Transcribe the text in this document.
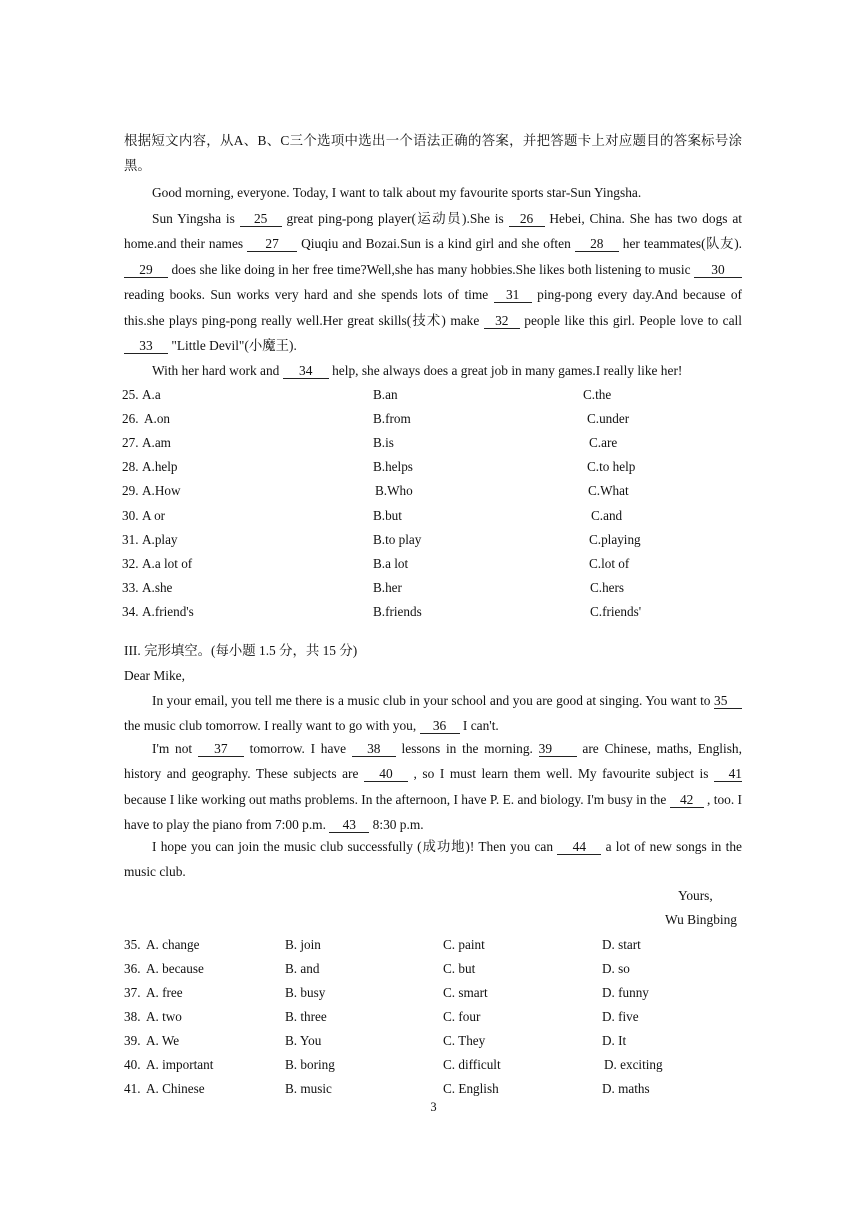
根据短文内容，从A、B、C三个选项中选出一个语法正确的答案，并把答题卡上对应题目的答案标号涂黑。

Good morning, everyone. Today, I want to talk about my favourite sports star-Sun Yingsha.

Sun Yingsha is 25 great ping-pong player(运动员).She is 26 Hebei, China. She has two dogs at home.and their names 27 Qiuqiu and Bozai.Sun is a kind girl and she often 28 her teammates(队友). 29 does she like doing in her free time?Well,she has many hobbies.She likes both listening to music 30 reading books. Sun works very hard and she spends lots of time 31 ping-pong every day.And because of this.she plays ping-pong really well.Her great skills(技术) make 32 people like this girl. People love to call 33 "Little Devil"(小魔王).

With her hard work and 34 help, she always does a great job in many games.I really like her!

25. A.a	B.an	C.the
26. A.on	B.from	C.under
27. A.am	B.is	C.are
28. A.help	B.helps	C.to help
29. A.How	B.Who	C.What
30. A or	B.but	C.and
31. A.play	B.to play	C.playing
32. A.a lot of	B.a lot	C.lot of
33. A.she	B.her	C.hers
34. A.friend's	B.friends	C.friends'
III. 完形填空。(每小题 1.5 分，共 15 分)
Dear Mike,

In your email, you tell me there is a music club in your school and you are good at singing. You want to 35 the music club tomorrow. I really want to go with you, 36 I can't.

I'm not 37 tomorrow. I have 38 lessons in the morning. 39 are Chinese, maths, English, history and geography. These subjects are 40 , so I must learn them well. My favourite subject is 41 because I like working out maths problems. In the afternoon, I have P. E. and biology. I'm busy in the 42 , too. I have to play the piano from 7:00 p.m. 43 8:30 p.m.

I hope you can join the music club successfully (成功地)! Then you can 44 a lot of new songs in the music club.

Yours,
Wu Bingbing
35. A. change	B. join	C. paint	D. start
36. A. because	B. and	C. but	D. so
37. A. free	B. busy	C. smart	D. funny
38. A. two	B. three	C. four	D. five
39. A. We	B. You	C. They	D. It
40. A. important	B. boring	C. difficult	D. exciting
41. A. Chinese	B. music	C. English	D. maths
3
